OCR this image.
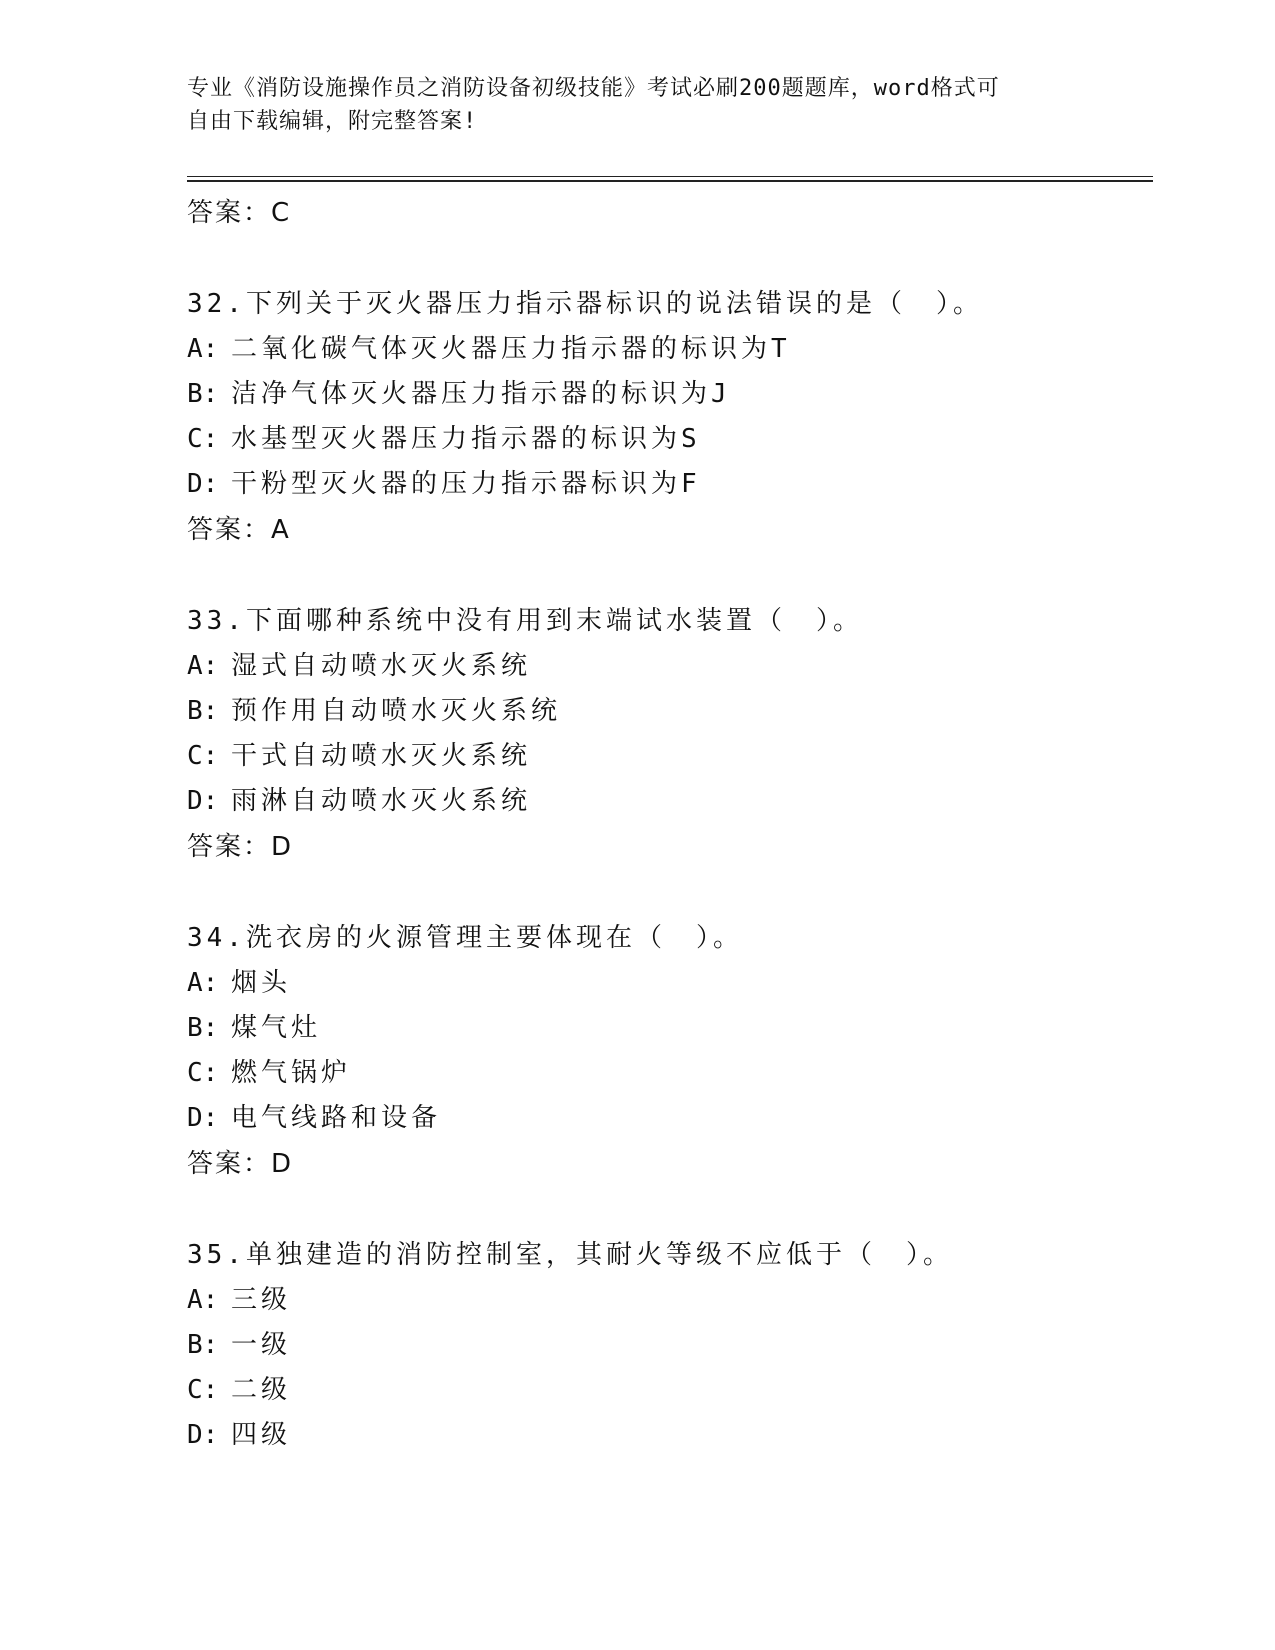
专业《消防设施操作员之消防设备初级技能》考试必刷200题题库，word格式可
自由下载编辑，附完整答案!
答案：C
32.下列关于灭火器压力指示器标识的说法错误的是（　）。
A: 二氧化碳气体灭火器压力指示器的标识为T
B: 洁净气体灭火器压力指示器的标识为J
C: 水基型灭火器压力指示器的标识为S
D: 干粉型灭火器的压力指示器标识为F
答案：A
33.下面哪种系统中没有用到末端试水装置（　）。
A: 湿式自动喷水灭火系统
B: 预作用自动喷水灭火系统
C: 干式自动喷水灭火系统
D: 雨淋自动喷水灭火系统
答案：D
34.洗衣房的火源管理主要体现在（　）。
A: 烟头
B: 煤气灶
C: 燃气锅炉
D: 电气线路和设备
答案：D
35.单独建造的消防控制室，其耐火等级不应低于（　）。
A: 三级
B: 一级
C: 二级
D: 四级
